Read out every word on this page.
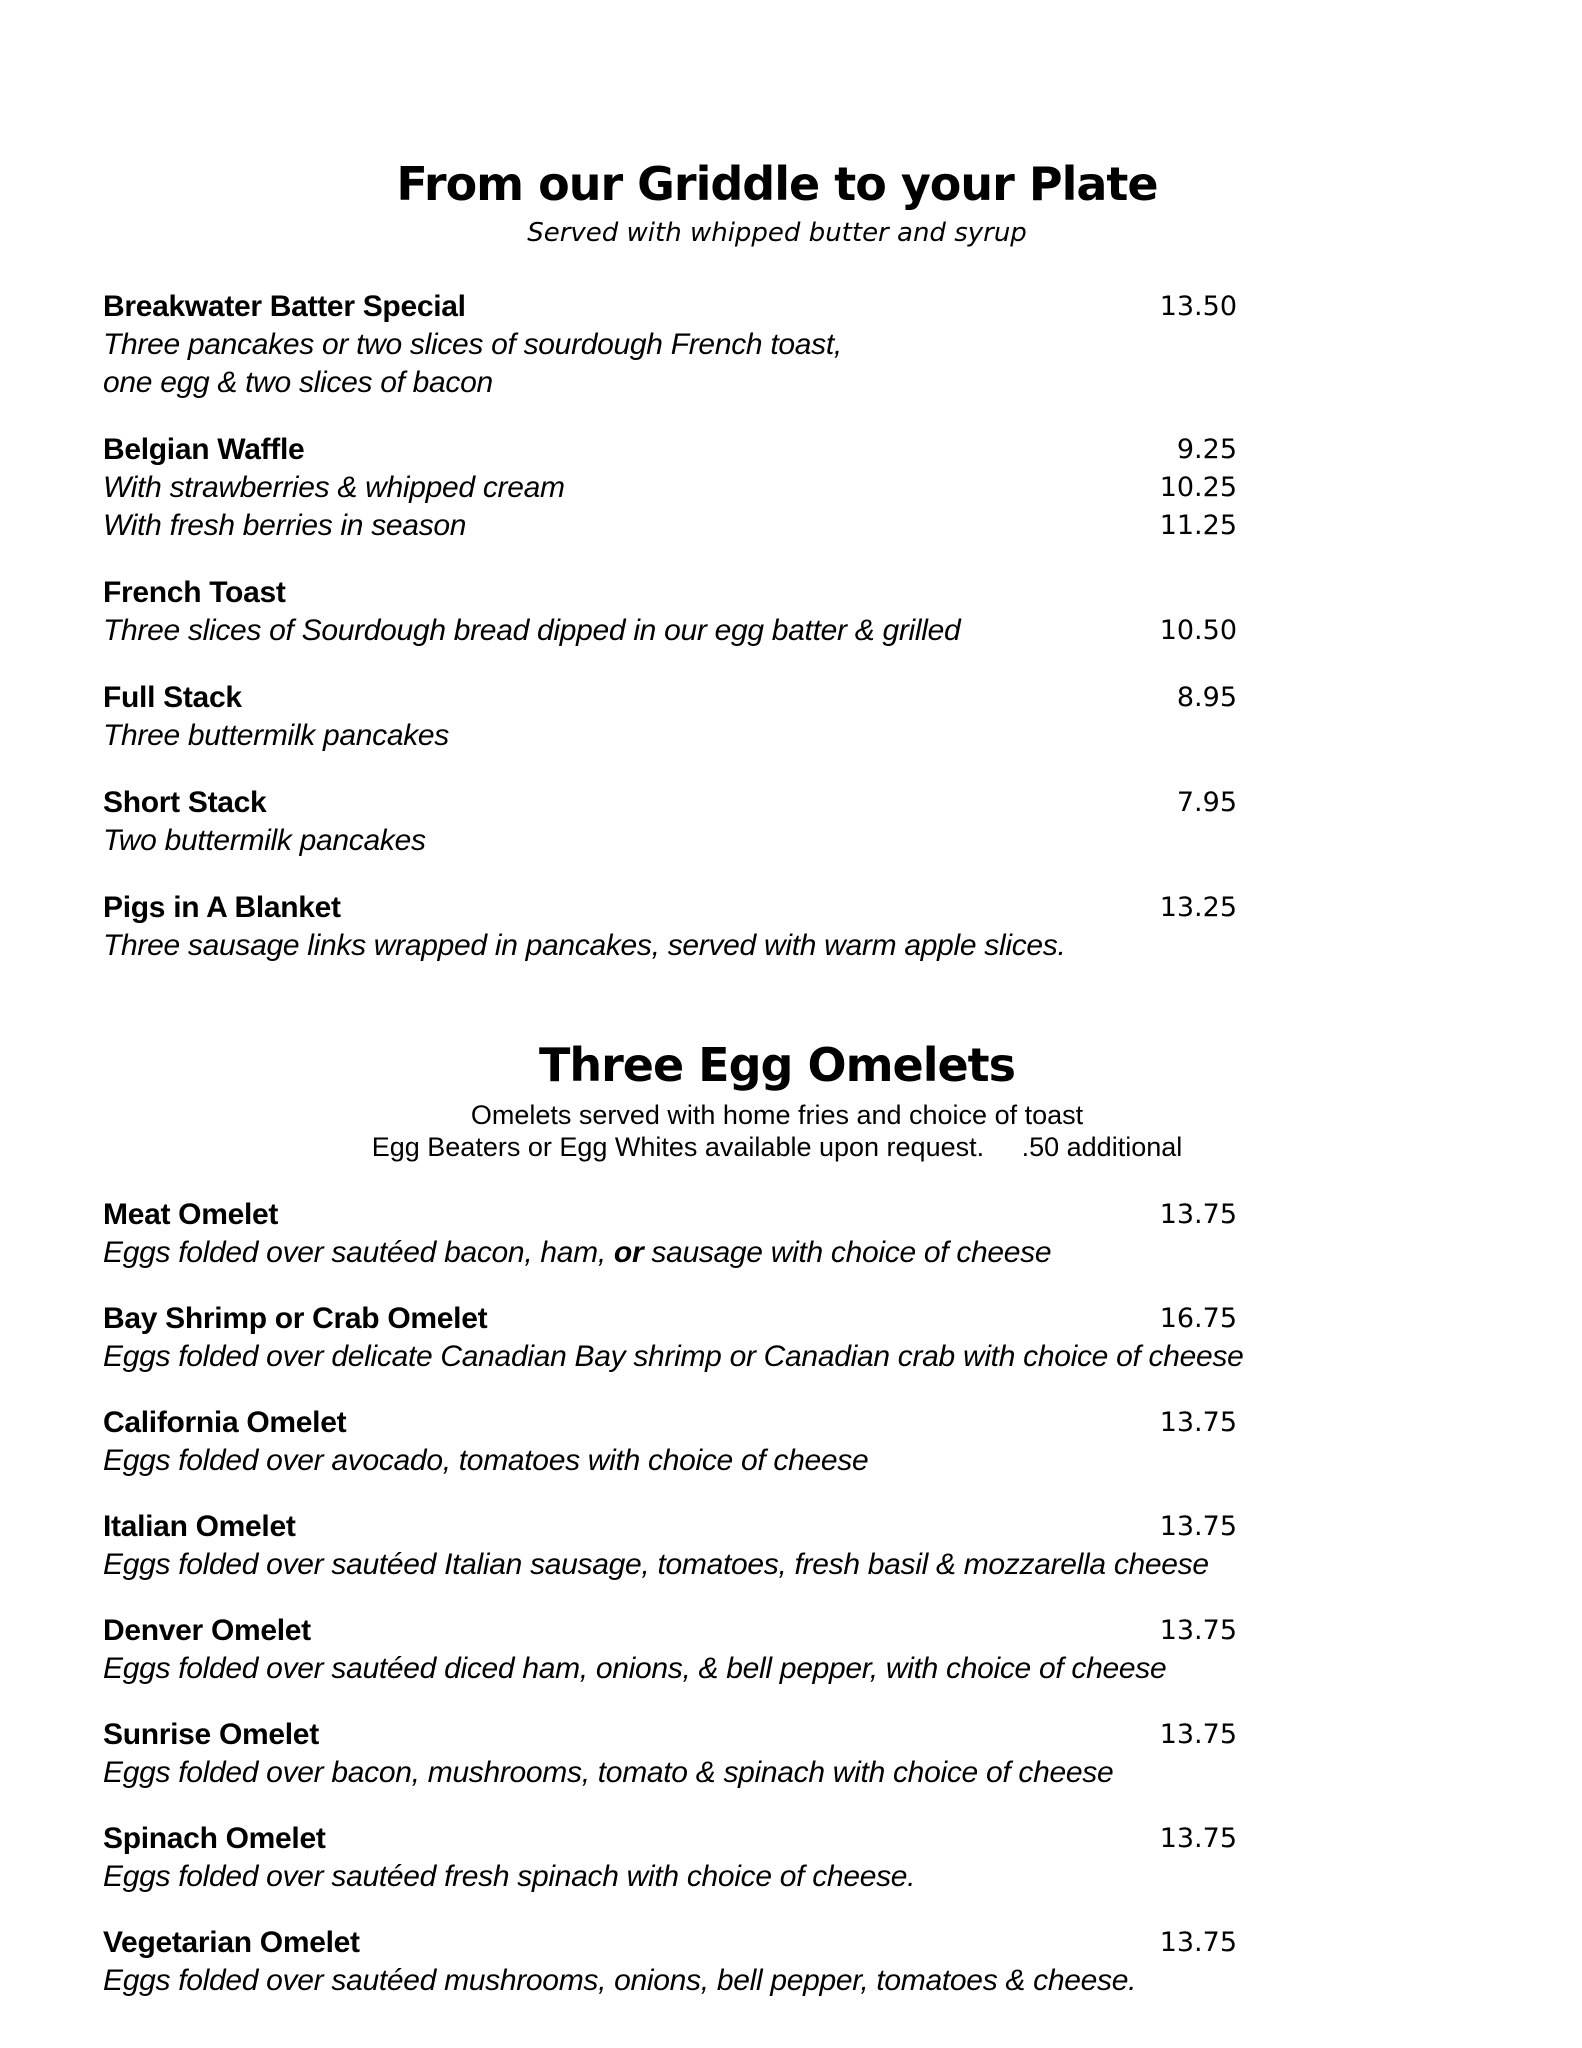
From our Griddle to your Plate
Served with whipped butter and syrup
Breakwater Batter Special	13.50
Three pancakes or two slices of sourdough French toast,
one egg & two slices of bacon
Belgian Waffle	9.25
With strawberries & whipped cream	10.25
With fresh berries in season	11.25
French Toast
Three slices of Sourdough bread dipped in our egg batter & grilled	10.50
Full Stack	8.95
Three buttermilk pancakes
Short Stack	7.95
Two buttermilk pancakes
Pigs in A Blanket	13.25
Three sausage links wrapped in pancakes, served with warm apple slices.
Three Egg Omelets
Omelets served with home fries and choice of toast
Egg Beaters or Egg Whites available upon request.     .50 additional
Meat Omelet	13.75
Eggs folded over sautéed bacon, ham, or sausage with choice of cheese
Bay Shrimp or Crab Omelet	16.75
Eggs folded over delicate Canadian Bay shrimp or Canadian crab with choice of cheese
California Omelet	13.75
Eggs folded over avocado, tomatoes with choice of cheese
Italian Omelet	13.75
Eggs folded over sautéed Italian sausage, tomatoes, fresh basil & mozzarella cheese
Denver Omelet	13.75
Eggs folded over sautéed diced ham, onions, & bell pepper, with choice of cheese
Sunrise Omelet	13.75
Eggs folded over bacon, mushrooms, tomato & spinach with choice of cheese
Spinach Omelet	13.75
Eggs folded over sautéed fresh spinach with choice of cheese.
Vegetarian Omelet	13.75
Eggs folded over sautéed mushrooms, onions, bell pepper, tomatoes & cheese.
